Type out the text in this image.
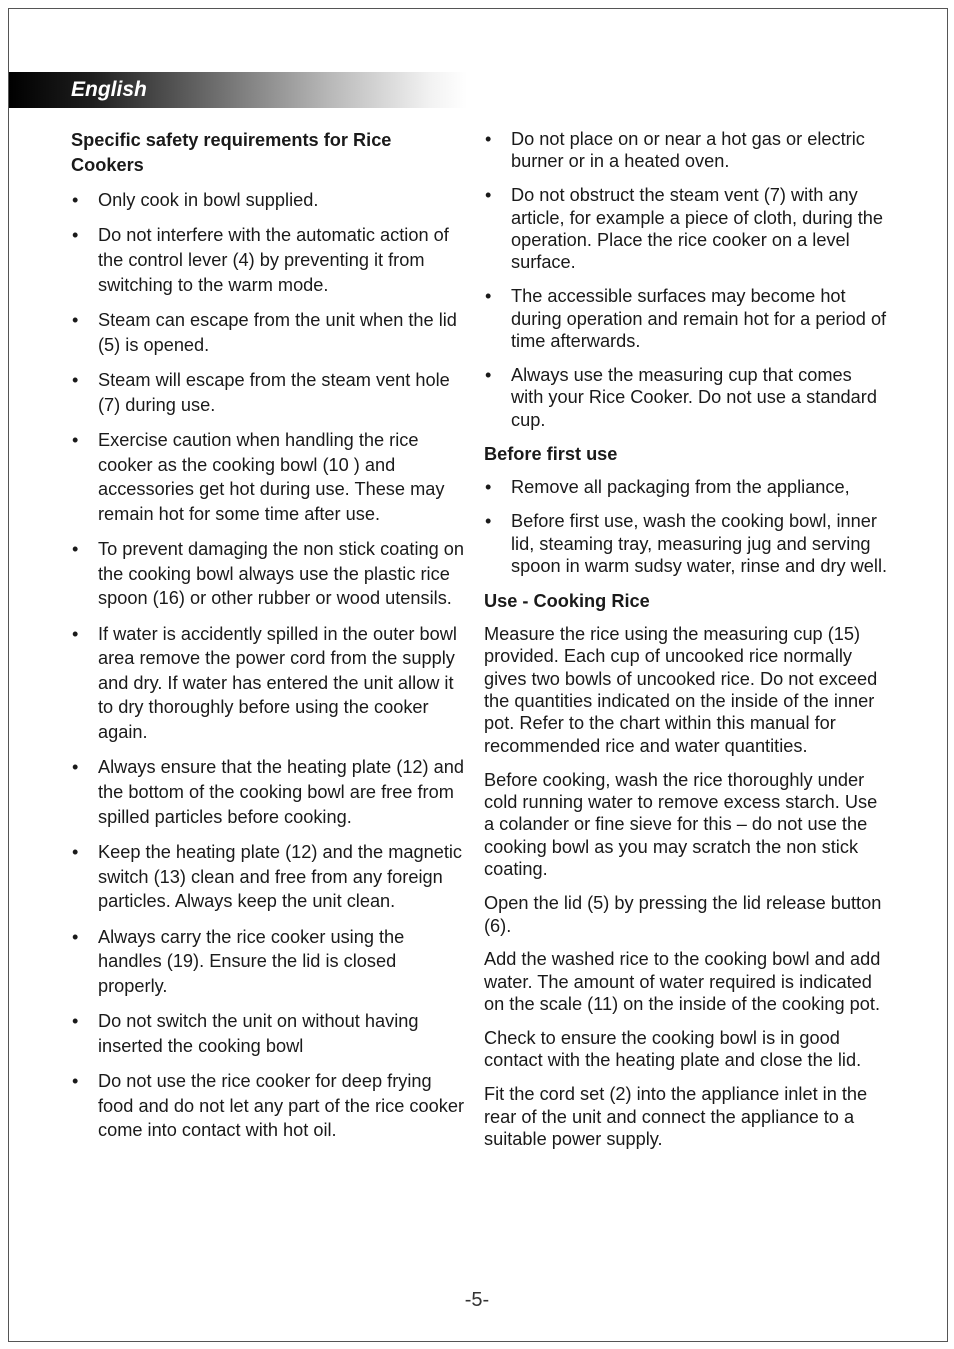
English
Specific safety requirements for Rice Cookers
• Only cook in bowl supplied.
• Do not interfere with the automatic action of the control lever (4) by preventing it from switching to the warm mode.
• Steam can escape from the unit when the lid (5) is opened.
• Steam will escape from the steam vent hole (7) during use.
• Exercise caution when handling the rice cooker as the cooking bowl (10 ) and accessories get hot during use. These may remain hot for some time after use.
• To prevent damaging the non stick coating on the cooking bowl always use the plastic rice spoon (16) or other rubber or wood utensils.
• If water is accidently spilled in the outer bowl area remove the power cord from the supply and dry. If water has entered the unit allow it to dry thoroughly before using the cooker again.
• Always ensure that the heating plate (12) and the bottom of the cooking bowl are free from spilled particles before cooking.
• Keep the heating plate (12) and the magnetic switch (13) clean and free from any foreign particles. Always keep the unit clean.
• Always carry the rice cooker using the handles (19). Ensure the lid is closed properly.
• Do not switch the unit on without having inserted the cooking bowl
• Do not use the rice cooker for deep frying food and do not let any part of the rice cooker come into contact with hot oil.
• Do not place on or near a hot gas or electric burner or in a heated oven.
• Do not obstruct the steam vent (7) with any article, for example a piece of cloth, during the operation. Place the rice cooker on a level surface.
• The accessible surfaces may become hot during operation and remain hot for a period of time afterwards.
• Always use the measuring cup that comes with your Rice Cooker. Do not use a standard cup.
Before first use
• Remove all packaging from the appliance,
• Before first use, wash the cooking bowl, inner lid, steaming tray, measuring jug and serving spoon in warm sudsy water, rinse and dry well.
Use - Cooking Rice

Measure the rice using the measuring cup (15) provided. Each cup of uncooked rice normally gives two bowls of uncooked rice. Do not exceed the quantities indicated on the inside of the inner pot. Refer to the chart within this manual for recommended rice and water quantities.

Before cooking, wash the rice thoroughly under cold running water to remove excess starch. Use a colander or fine sieve for this – do not use the cooking bowl as you may scratch the non stick coating.

Open the lid (5) by pressing the lid release button (6).

Add the washed rice to the cooking bowl and add water. The amount of water required is indicated on the scale (11) on the inside of the cooking pot.

Check to ensure the cooking bowl is in good contact with the heating plate and close the lid.

Fit the cord set (2) into the appliance inlet in the rear of the unit and connect the appliance to a suitable power supply.

-5-
